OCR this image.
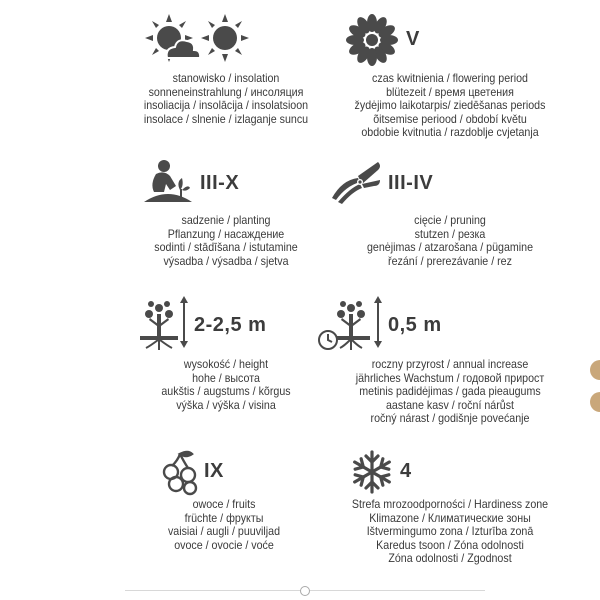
stanowisko / insolation
sonneneinstrahlung / инсоляция
insoliacija / insolācija / insolatsioon
insolace / slnenie / izlaganje suncu
V
czas kwitnienia / flowering period
blütezeit / время цветения
žydėjimo laikotarpis/ ziedēšanas periods
õitsemise periood / období květu
obdobie kvitnutia / razdoblje cvjetanja
III-X
sadzenie / planting
Pflanzung / насаждение
sodinti / stādīšana / istutamine
výsadba / výsadba / sjetva
III-IV
cięcie / pruning
stutzen / резка
genėjimas / atzarošana / pügamine
řezání / prerezávanie / rez
2-2,5 m
wysokość / height
hohe / высота
aukštis / augstums / kõrgus
výška / výška / visina
0,5 m
roczny przyrost / annual increase
jährliches Wachstum / годовой прирост
metinis padidėjimas / gada pieaugums
aastane kasv / roční nárůst
ročný nárast / godišnje povećanje
IX
owoce / fruits
früchte / фрукты
vaisiai / augli / puuviljad
ovoce / ovocie / voće
4
Strefa mrozoodporności / Hardiness zone
Klimazone / Климатические зоны
Ištvermingumo zona / Izturība zonā
Karedus tsoon / Zóna odolnosti
Zóna odolnosti / Zgodnost
